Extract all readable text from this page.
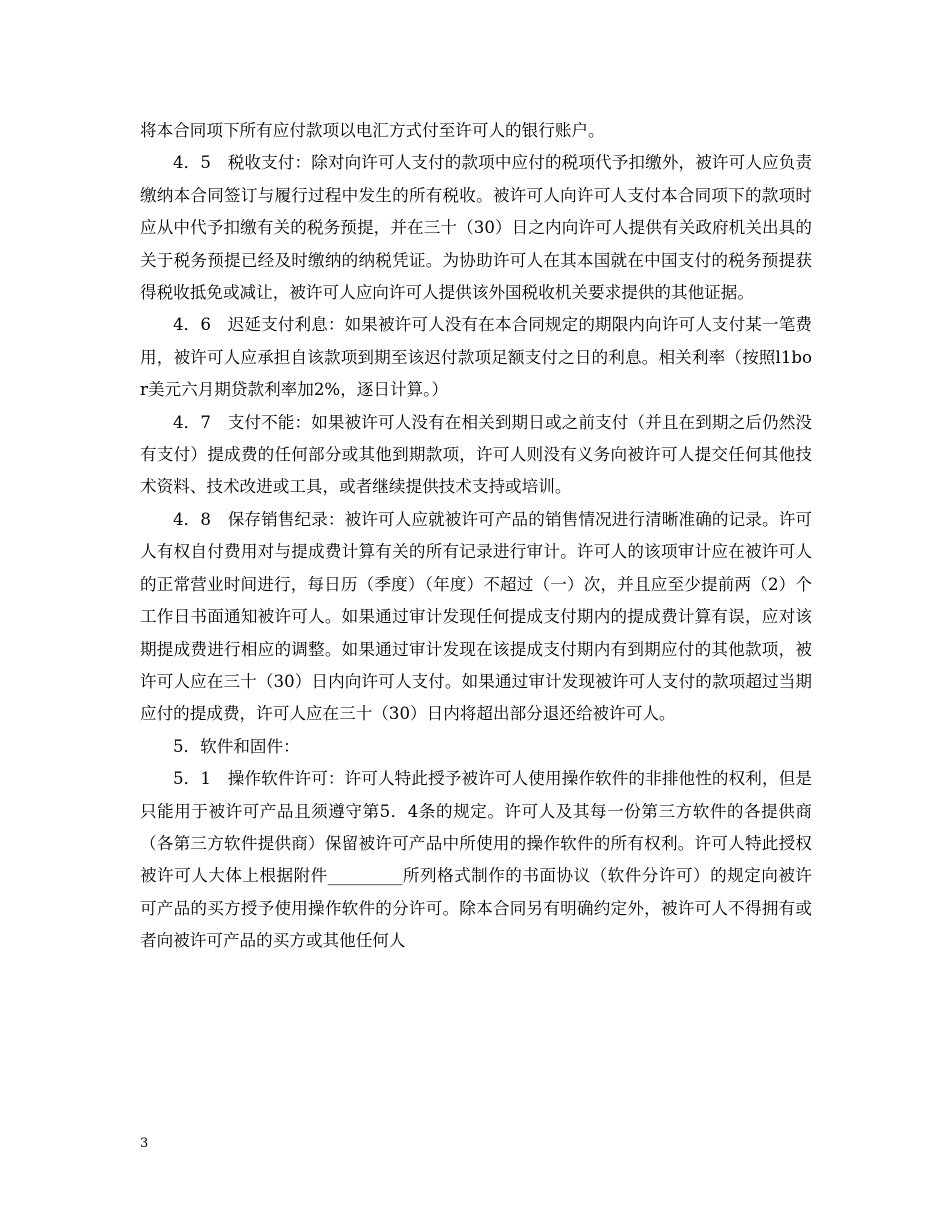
将本合同项下所有应付款项以电汇方式付至许可人的银行账户。

4．5　税收支付：除对向许可人支付的款项中应付的税项代予扣缴外，被许可人应负责缴纳本合同签订与履行过程中发生的所有税收。被许可人向许可人支付本合同项下的款项时应从中代予扣缴有关的税务预提，并在三十（30）日之内向许可人提供有关政府机关出具的关于税务预提已经及时缴纳的纳税凭证。为协助许可人在其本国就在中国支付的税务预提获得税收抵免或减让，被许可人应向许可人提供该外国税收机关要求提供的其他证据。

4．6　迟延支付利息：如果被许可人没有在本合同规定的期限内向许可人支付某一笔费用，被许可人应承担自该款项到期至该迟付款项足额支付之日的利息。相关利率（按照l1bor美元六月期贷款利率加2%，逐日计算。）

4．7　支付不能：如果被许可人没有在相关到期日或之前支付（并且在到期之后仍然没有支付）提成费的任何部分或其他到期款项，许可人则没有义务向被许可人提交任何其他技术资料、技术改进或工具，或者继续提供技术支持或培训。

4．8　保存销售纪录：被许可人应就被许可产品的销售情况进行清晰准确的记录。许可人有权自付费用对与提成费计算有关的所有记录进行审计。许可人的该项审计应在被许可人的正常营业时间进行，每日历（季度）（年度）不超过（一）次，并且应至少提前两（2）个工作日书面通知被许可人。如果通过审计发现任何提成支付期内的提成费计算有误，应对该期提成费进行相应的调整。如果通过审计发现在该提成支付期内有到期应付的其他款项，被许可人应在三十（30）日内向许可人支付。如果通过审计发现被许可人支付的款项超过当期应付的提成费，许可人应在三十（30）日内将超出部分退还给被许可人。

5．软件和固件：

5．1　操作软件许可：许可人特此授予被许可人使用操作软件的非排他性的权利，但是只能用于被许可产品且须遵守第5．4条的规定。许可人及其每一份第三方软件的各提供商（各第三方软件提供商）保留被许可产品中所使用的操作软件的所有权利。许可人特此授权被许可人大体上根据附件_________所列格式制作的书面协议（软件分许可）的规定向被许可产品的买方授予使用操作软件的分许可。除本合同另有明确约定外，被许可人不得拥有或者向被许可产品的买方或其他任何人

3
